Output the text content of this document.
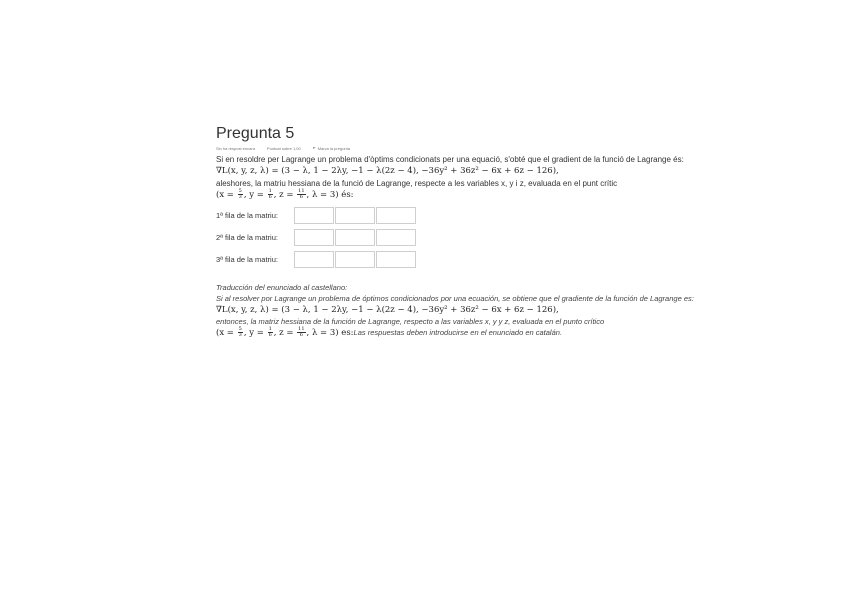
Pregunta 5
Sin ha respost encara	Puntuat sobre 1,00	Marca la pregunta

Si en resoldre per Lagrange un problema d'òptims condicionats per una equació, s'obté que el gradient de la funció de Lagrange és:

∇L(x, y, z, λ) = (3 − λ, 1 − 2λy, −1 − λ(2z − 4), −36y² + 36z² − 6x + 6z − 126),

aleshores, la matriu hessiana de la funció de Lagrange, respecte a les variables x, y i z, evaluada en el punt crític

($x = \frac{5}{3}$ , $y = \frac{1}{6}$ , $z = \frac{11}{6}$ , λ = 3) és:
1ª fila de la matriu:
2ª fila de la matriu:
3ª fila de la matriu:
Traducción del enunciado al castellano:
Si al resolver por Lagrange un problema de óptimos condicionados por una ecuación, se obtiene que el gradiente de la función de Lagrange es:
∇L(x, y, z, λ) = (3 − λ, 1 − 2λy, −1 − λ(2z − 4), −36y² + 36z² − 6x + 6z − 126),
entonces, la matriz hessiana de la función de Lagrange, respecto a las variables x, y y z, evaluada en el punto crítico
($x = \frac{5}{3}$ , $y = \frac{1}{6}$ , $z = \frac{11}{6}$ , λ = 3) es:Las respuestas deben introducirse en el enunciado en catalán.
